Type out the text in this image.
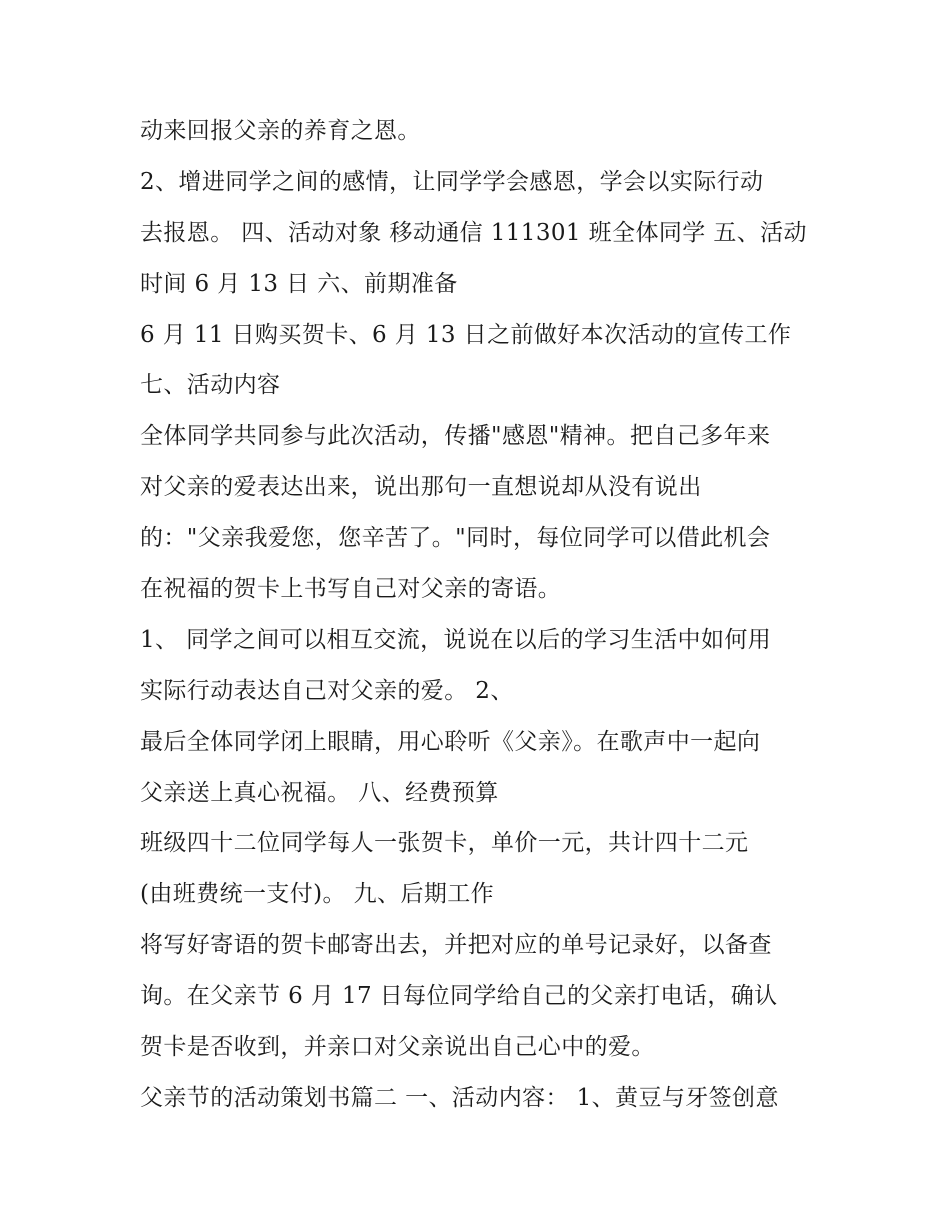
动来回报父亲的养育之恩。
2、增进同学之间的感情，让同学学会感恩，学会以实际行动
去报恩。 四、活动对象 移动通信 111301 班全体同学 五、活动
时间 6 月 13 日 六、前期准备
6 月 11 日购买贺卡、6 月 13 日之前做好本次活动的宣传工作
七、活动内容
全体同学共同参与此次活动，传播"感恩"精神。把自己多年来
对父亲的爱表达出来，说出那句一直想说却从没有说出
的："父亲我爱您，您辛苦了。"同时，每位同学可以借此机会
在祝福的贺卡上书写自己对父亲的寄语。
1、 同学之间可以相互交流，说说在以后的学习生活中如何用
实际行动表达自己对父亲的爱。 2、
最后全体同学闭上眼睛，用心聆听《父亲》。在歌声中一起向
父亲送上真心祝福。 八、经费预算
班级四十二位同学每人一张贺卡，单价一元，共计四十二元
(由班费统一支付)。 九、后期工作
将写好寄语的贺卡邮寄出去，并把对应的单号记录好，以备查
询。在父亲节 6 月 17 日每位同学给自己的父亲打电话，确认
贺卡是否收到，并亲口对父亲说出自己心中的爱。
父亲节的活动策划书篇二 一、活动内容： 1、黄豆与牙签创意
